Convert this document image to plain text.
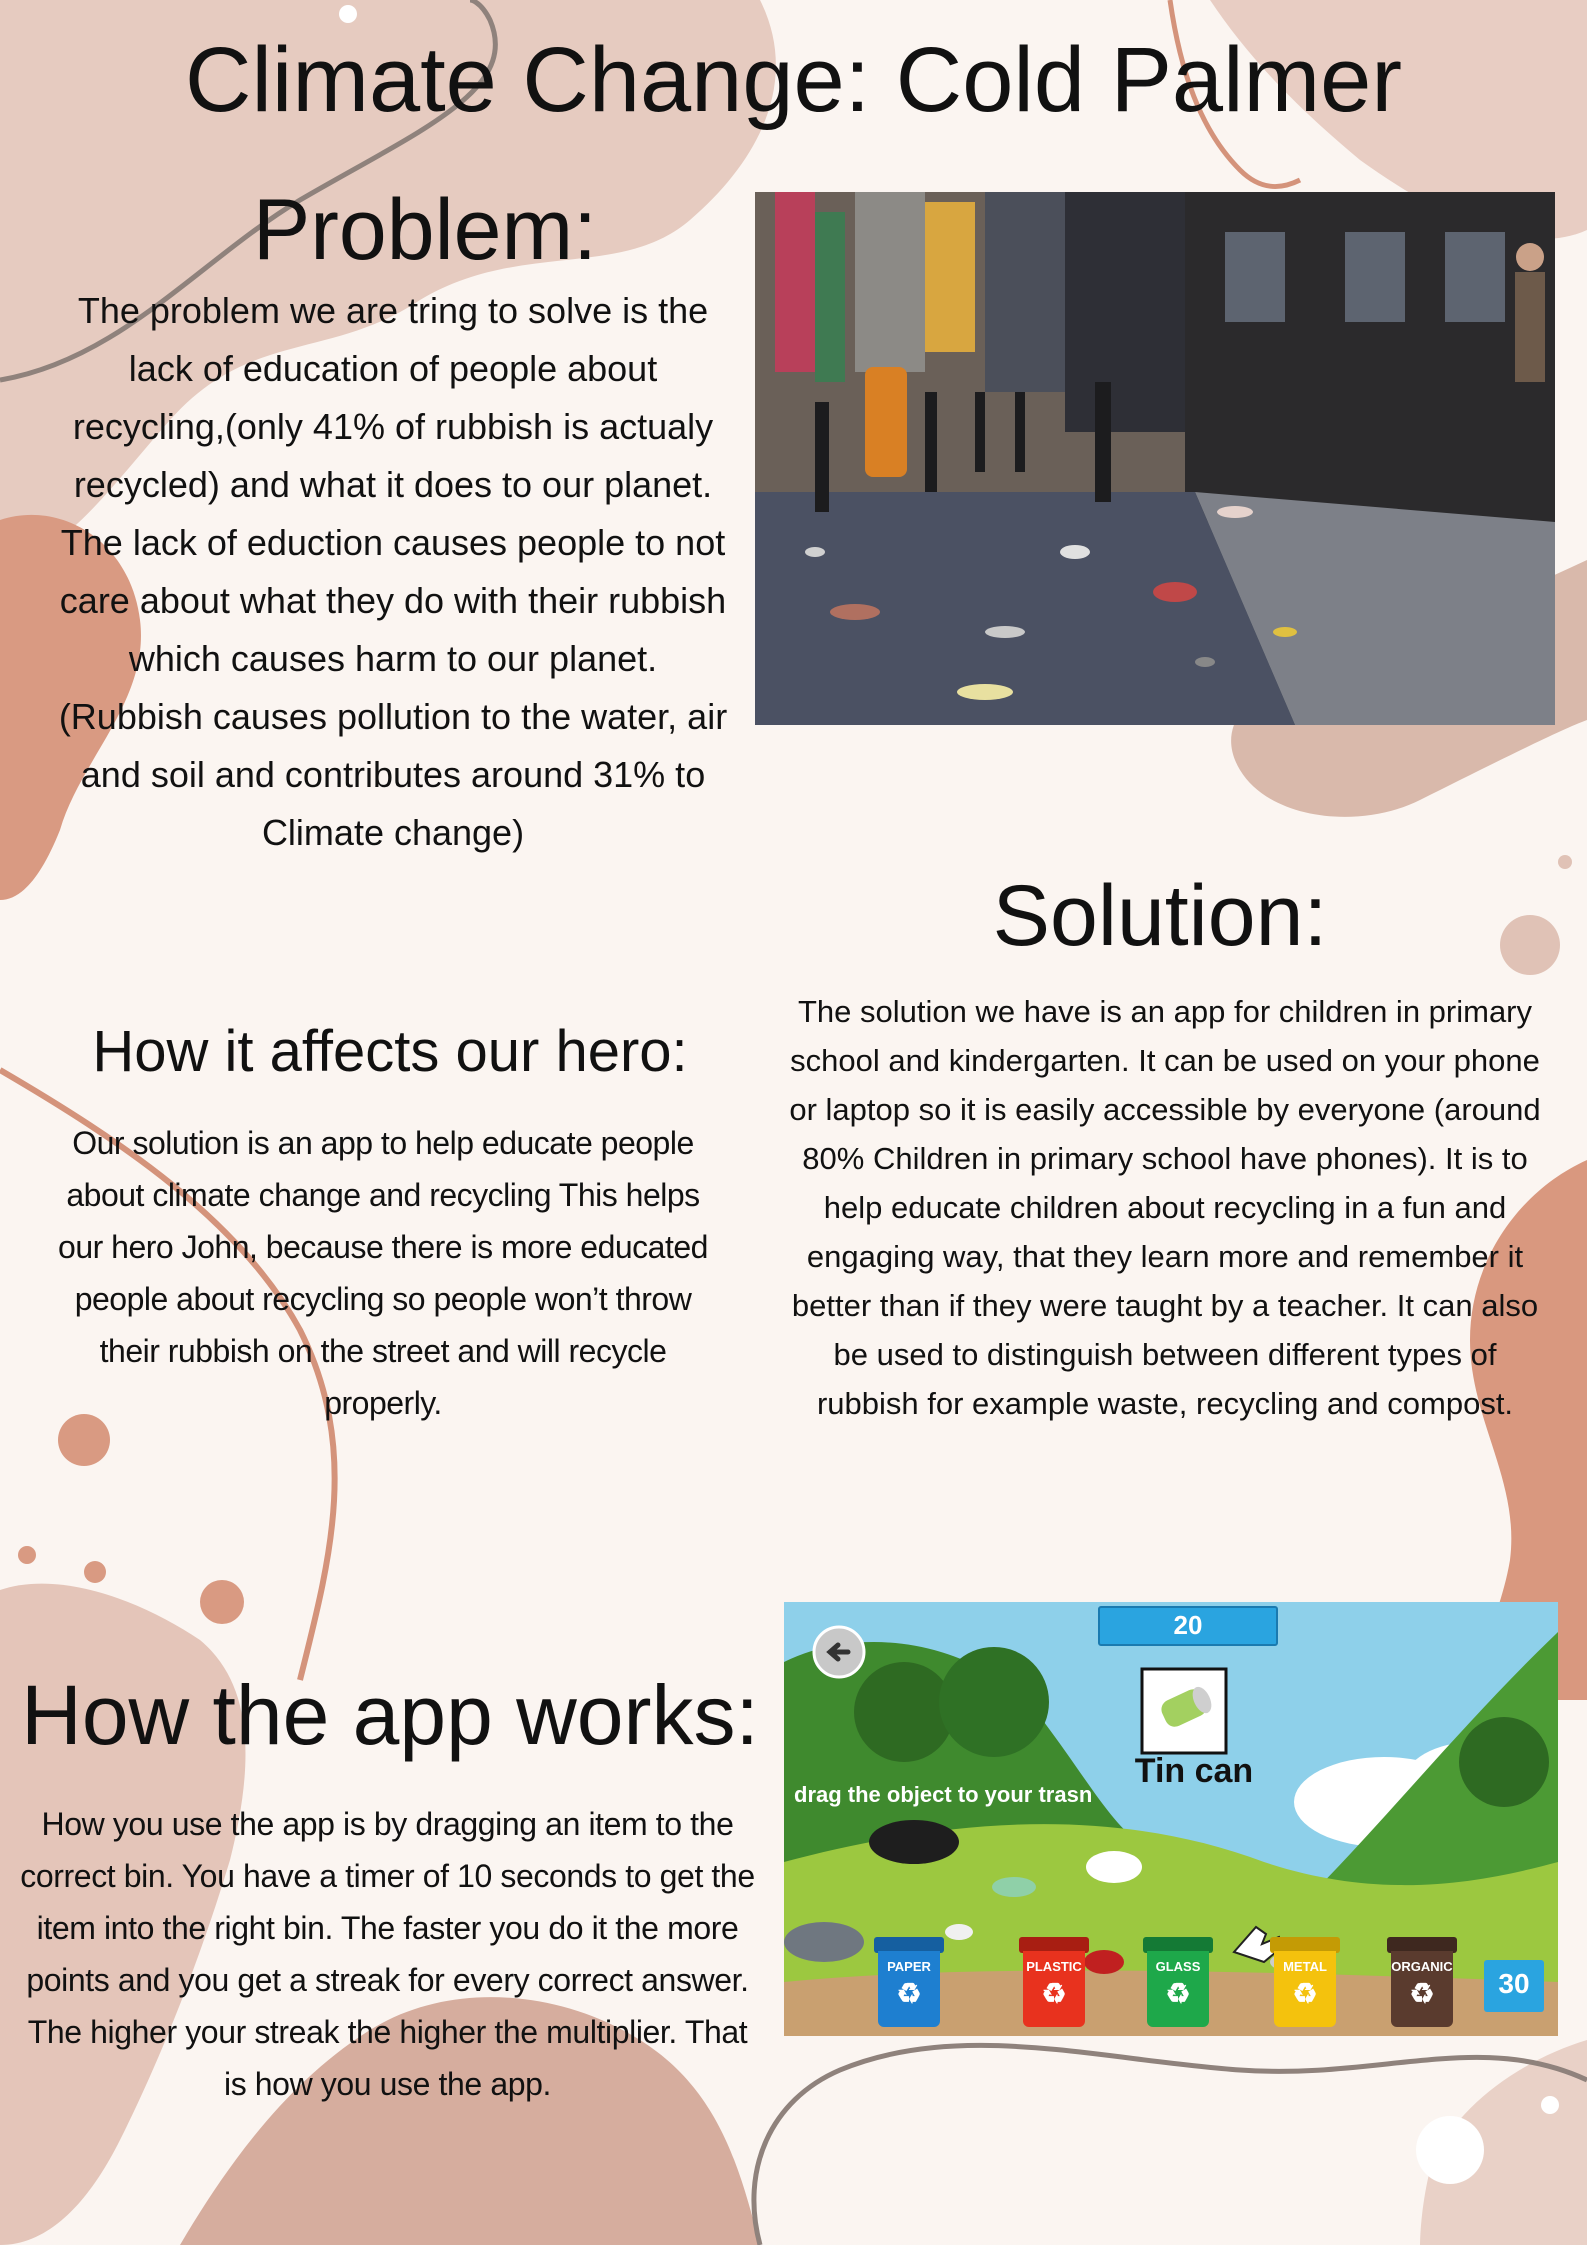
Climate Change: Cold Palmer
Problem:
The problem we are tring to solve is the lack of education of people about recycling,(only 41% of rubbish is actualy recycled) and what it does to our planet. The lack of eduction causes people to not care about what they do with their rubbish which causes harm to our planet.(Rubbish causes pollution to the water, air and soil and contributes around 31% to Climate change)
Solution:
The solution we have is an app for children in primary school and kindergarten. It can be used on your phone or laptop so it is easily accessible by everyone (around 80% Children in primary school have phones). It is to help educate children about recycling in a fun and engaging way, that they learn more and remember it better than if they were taught by a teacher. It can also be used to distinguish between different types of rubbish for example waste, recycling and compost.
How it affects our hero:
Our solution is an app to help educate people about climate change and recycling This helps our hero John, because there is more educated people about recycling so people won’t throw their rubbish on the street and will recycle properly.
How the app works:
How you use the app is by dragging an item to the correct bin. You have a timer of 10 seconds to get the item into the right bin. The faster you do it the more points and you get a streak for every correct answer. The higher your streak the higher the multiplier. That is how you use the app.
PAPER
♻
PLASTIC
♻
GLASS
♻
METAL
♻
ORGANIC
♻
20
Tin can
drag the object to your trasn
30
